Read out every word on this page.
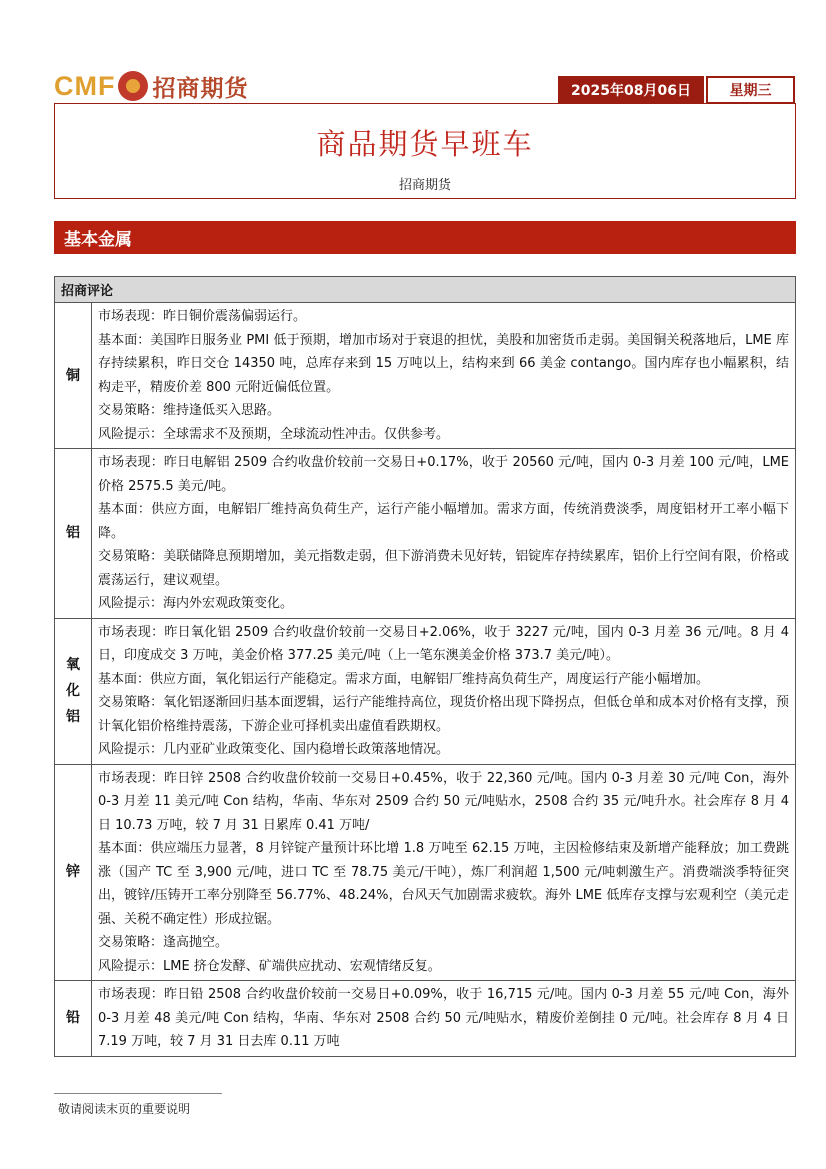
CMF 招商期货	2025年08月06日	星期三
商品期货早班车
招商期货
基本金属
招商评论	
铜	市场表现：昨日铜价震荡偏弱运行。

基本面：美国昨日服务业 PMI 低于预期，增加市场对于衰退的担忧，美股和加密货币走弱。美国铜关税落地后，LME 库存持续累积，昨日交仓 14350 吨，总库存来到 15 万吨以上，结构来到 66 美金 contango。国内库存也小幅累积，结构走平，精废价差 800 元附近偏低位置。

交易策略：维持逢低买入思路。

风险提示：全球需求不及预期，全球流动性冲击。仅供参考。

铝	市场表现：昨日电解铝 2509 合约收盘价较前一交易日+0.17%，收于 20560 元/吨，国内 0-3 月差 100 元/吨，LME 价格 2575.5 美元/吨。

基本面：供应方面，电解铝厂维持高负荷生产，运行产能小幅增加。需求方面，传统消费淡季，周度铝材开工率小幅下降。

交易策略：美联储降息预期增加，美元指数走弱，但下游消费未见好转，铝锭库存持续累库，铝价上行空间有限，价格或震荡运行，建议观望。

风险提示：海内外宏观政策变化。

氧化铝	市场表现：昨日氧化铝 2509 合约收盘价较前一交易日+2.06%，收于 3227 元/吨，国内 0-3 月差 36 元/吨。8 月 4 日，印度成交 3 万吨，美金价格 377.25 美元/吨（上一笔东澳美金价格 373.7 美元/吨）。

基本面：供应方面，氧化铝运行产能稳定。需求方面，电解铝厂维持高负荷生产，周度运行产能小幅增加。

交易策略：氧化铝逐渐回归基本面逻辑，运行产能维持高位，现货价格出现下降拐点，但低仓单和成本对价格有支撑，预计氧化铝价格维持震荡，下游企业可择机卖出虚值看跌期权。

风险提示：几内亚矿业政策变化、国内稳增长政策落地情况。

锌	市场表现：昨日锌 2508 合约收盘价较前一交易日+0.45%，收于 22,360 元/吨。国内 0-3 月差 30 元/吨 Con，海外 0-3 月差 11 美元/吨 Con 结构，华南、华东对 2509 合约 50 元/吨贴水，2508 合约 35 元/吨升水。社会库存 8 月 4 日 10.73 万吨，较 7 月 31 日累库 0.41 万吨/

基本面：供应端压力显著，8 月锌锭产量预计环比增 1.8 万吨至 62.15 万吨，主因检修结束及新增产能释放；加工费跳涨（国产 TC 至 3,900 元/吨，进口 TC 至 78.75 美元/干吨），炼厂利润超 1,500 元/吨刺激生产。消费端淡季特征突出，镀锌/压铸开工率分别降至 56.77%、48.24%，台风天气加剧需求疲软。海外 LME 低库存支撑与宏观利空（美元走强、关税不确定性）形成拉锯。

交易策略：逢高抛空。

风险提示：LME 挤仓发酵、矿端供应扰动、宏观情绪反复。

铅	市场表现：昨日铅 2508 合约收盘价较前一交易日+0.09%，收于 16,715 元/吨。国内 0-3 月差 55 元/吨 Con，海外 0-3 月差 48 美元/吨 Con 结构，华南、华东对 2508 合约 50 元/吨贴水，精废价差倒挂 0 元/吨。社会库存 8 月 4 日 7.19 万吨，较 7 月 31 日去库 0.11 万吨

敬请阅读末页的重要说明
